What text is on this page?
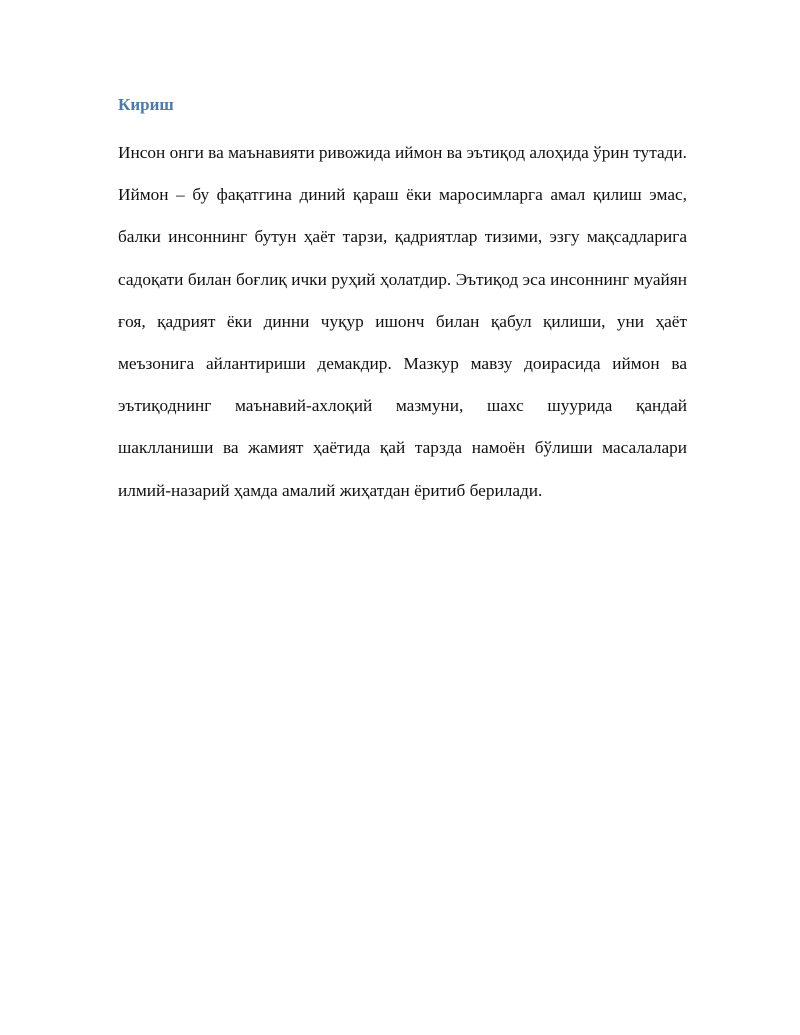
Кириш

Инсон онги ва маънавияти ривожида иймон ва эътиқод алоҳида ўрин тутади. Иймон – бу фақатгина диний қараш ёки маросимларга амал қилиш эмас, балки инсоннинг бутун ҳаёт тарзи, қадриятлар тизими, эзгу мақсадларига садоқати билан боғлиқ ички руҳий ҳолатдир. Эътиқод эса инсоннинг муайян ғоя, қадрият ёки динни чуқур ишонч билан қабул қилиши, уни ҳаёт меъзонига айлантириши демакдир. Мазкур мавзу доирасида иймон ва эътиқоднинг маънавий-ахлоқий мазмуни, шахс шуурида қандай шаклланиши ва жамият ҳаётида қай тарзда намоён бўлиши масалалари илмий-назарий ҳамда амалий жиҳатдан ёритиб берилади.
